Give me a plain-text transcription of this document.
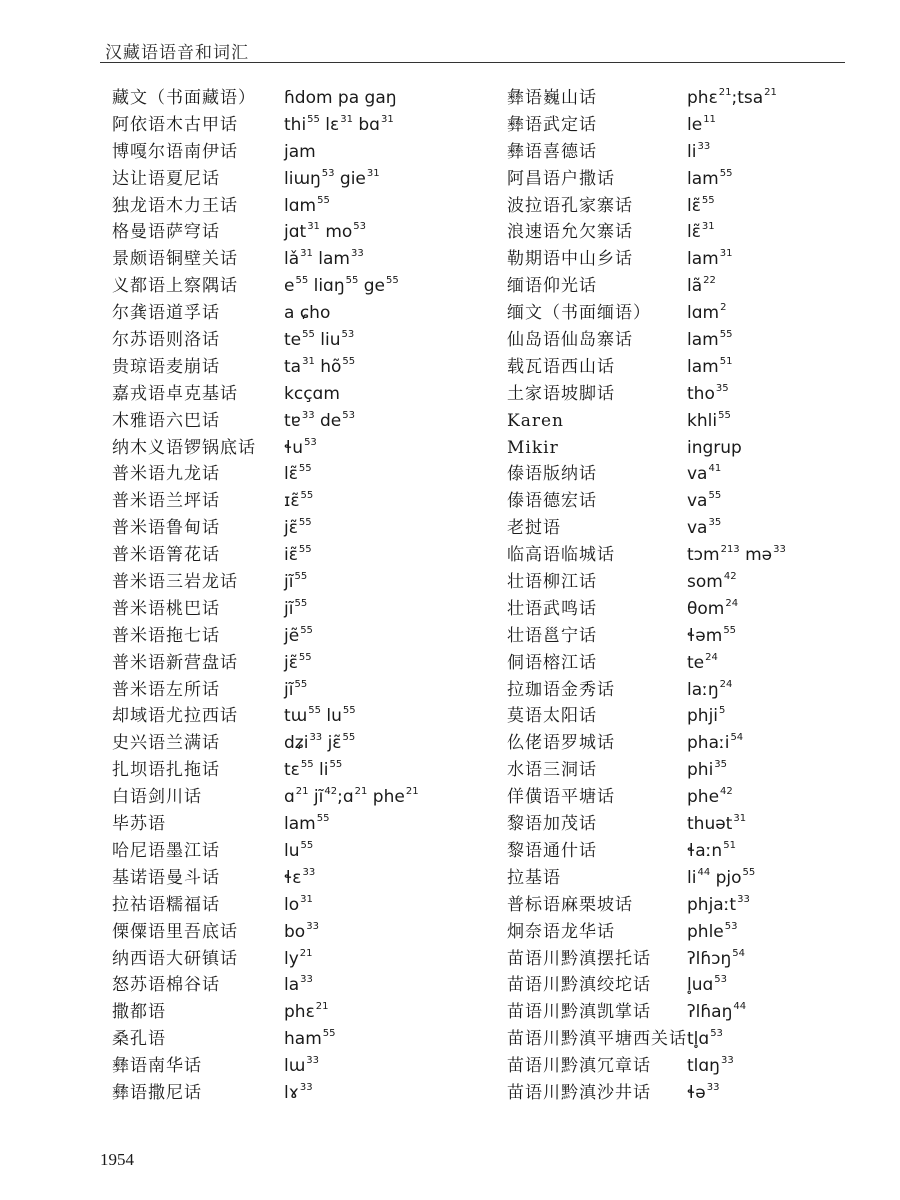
汉藏语语音和词汇
藏文（书面藏语） ɦdom pa gaŋ
阿依语木古甲话	thi$^{55}$ lɛ$^{31}$ bɑ$^{31}$
博嘎尔语南伊话	jam
达让语夏尼话	liɯŋ$^{53}$ gie$^{31}$
独龙语木力王话	lɑm$^{55}$
格曼语萨穹话	jɑt$^{31}$ $mo^{53}$
景颇语铜壁关话	$lǎ^{31}$ lam$^{33}$
义都语上察隅话	$e^{55}$ liɑŋ$^{55}$ $ge^{55}$
尔龚语道孚话	a ɕho
尔苏语则洛话	$te^{55}$ liu$^{53}$
贵琼语麦崩话	$ta^{31}$ $hõ^{55}$
嘉戎语卓克基话	kcçɑm
木雅语六巴话	tɐ$^{33}$ $de^{53}$
纳木义语锣锅底话 ɬu$^{53}$
普米语九龙话	lɛ̃$^{55}$
普米语兰坪话	ɪɛ̃$^{55}$
普米语鲁甸话	jɛ̃$^{55}$
普米语箐花话	iɛ̃$^{55}$
普米语三岩龙话	$jĩ^{55}$
普米语桃巴话	$jĩ^{55}$
普米语拖七话	jẽ$^{55}$
普米语新营盘话	jɛ̃$^{55}$
普米语左所话	$jĩ^{55}$
却域语尤拉西话	tɯ$^{55}$ $lu^{55}$
史兴语兰满话	dʑi$^{33}$ jɛ̃$^{55}$
扎坝语扎拖话	tɛ$^{55}$ $li^{55}$
白语剑川话	ɑ$^{21}$ $jĩ^{42};ɑ^{21}$ phe$^{21}$
毕苏语	lam$^{55}$
哈尼语墨江话	$lu^{55}$
基诺语曼斗话	ɬɛ$^{33}$
拉祜语糯福话	$lo^{31}$
傈僳语里吾底话	$bo^{33}$
纳西语大研镇话	$ly^{21}$
怒苏语棉谷话	$la^{33}$
撒都语	phɛ$^{21}$
桑孔语	ham$^{55}$
彝语南华话	lɯ$^{33}$
彝语撒尼话	lɤ$^{33}$
彝语巍山话	phɛ$^{21}$;tsa$^{21}$
彝语武定话	$le^{11}$
彝语喜德话	$li^{33}$
阿昌语户撒话	lam$^{55}$
波拉语孔家寨话	lɛ̃$^{55}$
浪速语允欠寨话	lɛ̃$^{31}$
勒期语中山乡话	lam$^{31}$
缅语仰光话	$lã^{22}$
缅文（书面缅语） lɑm$^2$
仙岛语仙岛寨话	lam$^{55}$
载瓦语西山话	lam$^{51}$
土家语坡脚话	tho$^{35}$
Karen	khli$^{55}$
Mikir	ingrup
傣语版纳话	$va^{41}$
傣语德宏话	$va^{55}$
老挝语	$va^{35}$
临高语临城话	tɔm$^{213}$ mə$^{33}$
壮语柳江话	som$^{42}$
壮语武鸣话	θom$^{24}$
壮语邕宁话	ɬəm$^{55}$
侗语榕江话	$te^{24}$
拉珈语金秀话	laːŋ$^{24}$
莫语太阳话	phji$^5$
仫佬语罗城话	phaːi$^{54}$
水语三洞话	phi$^{35}$
佯僙语平塘话	phe$^{42}$
黎语加茂话	thuət$^{31}$
黎语通什话	ɬaːn$^{51}$
拉基语	$li^{44}$ pjo$^{55}$
普标语麻栗坡话	phjaːt$^{33}$
炯奈语龙华话	phle$^{53}$
苗语川黔滇摆托话 ʔlɦɔŋ$^{54}$
苗语川黔滇绞坨话 l̥uɑ$^{53}$
苗语川黔滇凯掌话 ʔlɦaŋ$^{44}$
苗语川黔滇平塘西关话 tl̥ɑ$^{53}$
苗语川黔滇冗章话 tlɑŋ$^{33}$
苗语川黔滇沙井话 ɬə$^{33}$
1954
